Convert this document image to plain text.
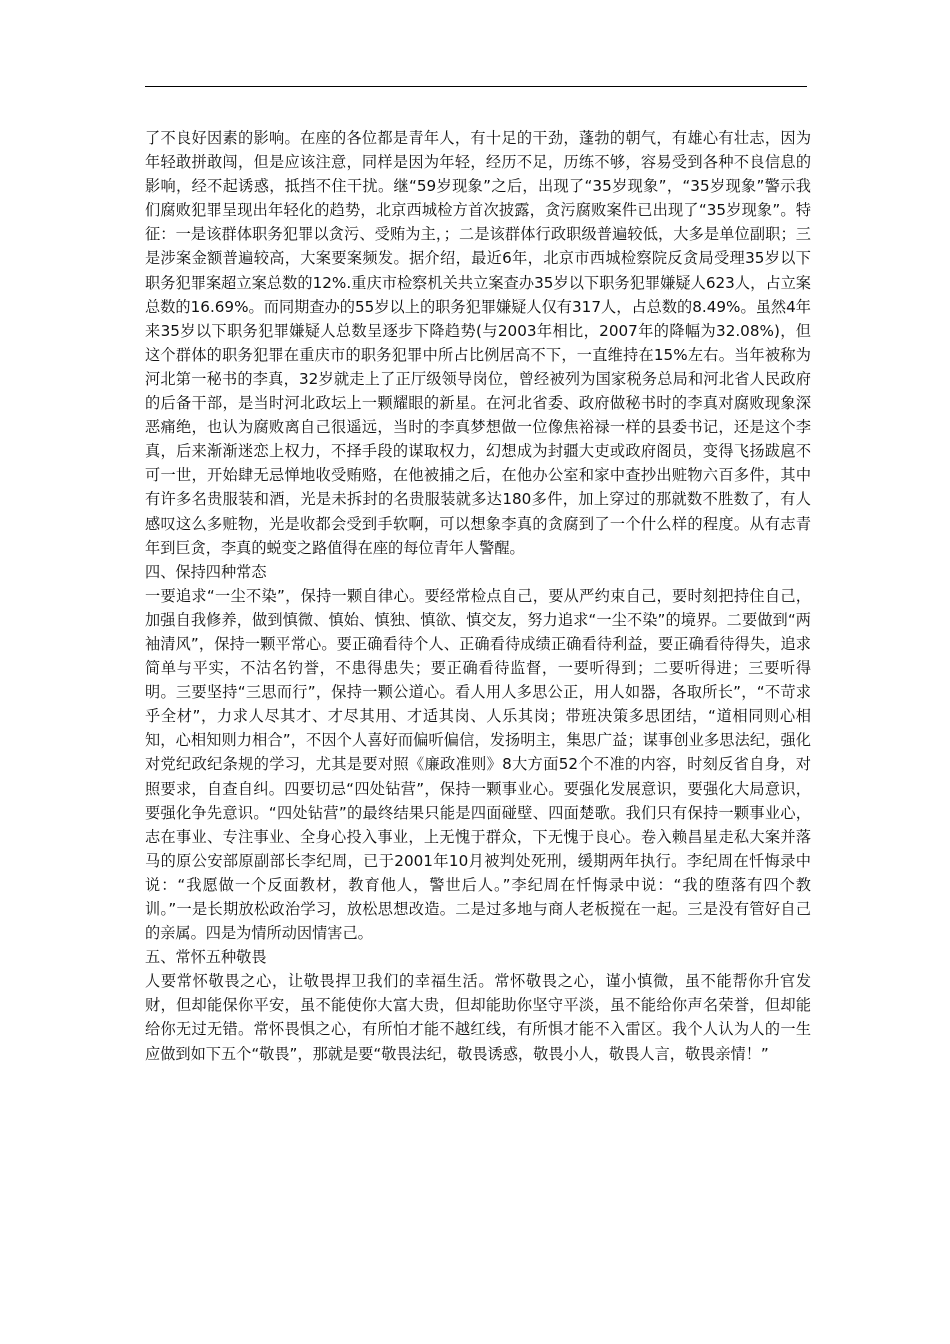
了不良好因素的影响。在座的各位都是青年人，有十足的干劲，蓬勃的朝气，有雄心有壮志，因为年轻敢拼敢闯，但是应该注意，同样是因为年轻，经历不足，历练不够，容易受到各种不良信息的影响，经不起诱惑，抵挡不住干扰。继“59岁现象”之后，出现了“35岁现象”，“35岁现象”警示我们腐败犯罪呈现出年轻化的趋势，北京西城检方首次披露，贪污腐败案件已出现了“35岁现象”。特征：一是该群体职务犯罪以贪污、受贿为主，；二是该群体行政职级普遍较低，大多是单位副职；三是涉案金额普遍较高，大案要案频发。据介绍，最近6年，北京市西城检察院反贪局受理35岁以下职务犯罪案超立案总数的12%.重庆市检察机关共立案查办35岁以下职务犯罪嫌疑人623人，占立案总数的16.69%。而同期查办的55岁以上的职务犯罪嫌疑人仅有317人，占总数的8.49%。虽然4年来35岁以下职务犯罪嫌疑人总数呈逐步下降趋势(与2003年相比，2007年的降幅为32.08%)，但这个群体的职务犯罪在重庆市的职务犯罪中所占比例居高不下，一直维持在15%左右。当年被称为河北第一秘书的李真，32岁就走上了正厅级领导岗位，曾经被列为国家税务总局和河北省人民政府的后备干部，是当时河北政坛上一颗耀眼的新星。在河北省委、政府做秘书时的李真对腐败现象深恶痛绝，也认为腐败离自己很遥远，当时的李真梦想做一位像焦裕禄一样的县委书记，还是这个李真，后来渐渐迷恋上权力，不择手段的谋取权力，幻想成为封疆大吏或政府阁员，变得飞扬跋扈不可一世，开始肆无忌惮地收受贿赂，在他被捕之后，在他办公室和家中查抄出赃物六百多件，其中有许多名贵服装和酒，光是未拆封的名贵服装就多达180多件，加上穿过的那就数不胜数了，有人感叹这么多赃物，光是收都会受到手软啊，可以想象李真的贪腐到了一个什么样的程度。从有志青年到巨贪，李真的蜕变之路值得在座的每位青年人警醒。

四、保持四种常态

一要追求“一尘不染”，保持一颗自律心。要经常检点自己，要从严约束自己，要时刻把持住自己，加强自我修养，做到慎微、慎始、慎独、慎欲、慎交友，努力追求“一尘不染”的境界。二要做到“两袖清风”，保持一颗平常心。要正确看待个人、正确看待成绩正确看待利益，要正确看待得失，追求简单与平实，不沽名钓誉，不患得患失；要正确看待监督，一要听得到；二要听得进；三要听得明。三要坚持“三思而行”，保持一颗公道心。看人用人多思公正，用人如器，各取所长”，“不苛求乎全材”，力求人尽其才、才尽其用、才适其岗、人乐其岗；带班决策多思团结，“道相同则心相知，心相知则力相合”，不因个人喜好而偏听偏信，发扬明主，集思广益；谋事创业多思法纪，强化对党纪政纪条规的学习，尤其是要对照《廉政准则》8大方面52个不准的内容，时刻反省自身，对照要求，自查自纠。四要切忌“四处钻营”，保持一颗事业心。要强化发展意识，要强化大局意识，要强化争先意识。“四处钻营”的最终结果只能是四面碰壁、四面楚歌。我们只有保持一颗事业心，志在事业、专注事业、全身心投入事业，上无愧于群众，下无愧于良心。卷入赖昌星走私大案并落马的原公安部原副部长李纪周，已于2001年10月被判处死刑，缓期两年执行。李纪周在忏悔录中说：“我愿做一个反面教材，教育他人，警世后人。”李纪周在忏悔录中说：“我的堕落有四个教训。”一是长期放松政治学习，放松思想改造。二是过多地与商人老板搅在一起。三是没有管好自己的亲属。四是为情所动因情害己。

五、常怀五种敬畏

人要常怀敬畏之心，让敬畏捍卫我们的幸福生活。常怀敬畏之心，谨小慎微，虽不能帮你升官发财，但却能保你平安，虽不能使你大富大贵，但却能助你坚守平淡，虽不能给你声名荣誉，但却能给你无过无错。常怀畏惧之心，有所怕才能不越红线，有所惧才能不入雷区。我个人认为人的一生应做到如下五个“敬畏”，那就是要“敬畏法纪，敬畏诱惑，敬畏小人，敬畏人言，敬畏亲情！”
